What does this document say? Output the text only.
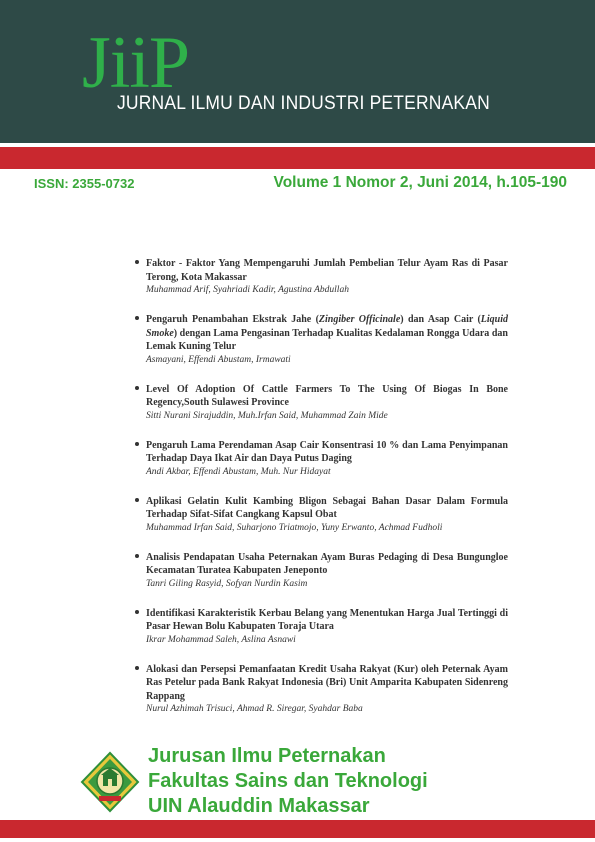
JiiP
JURNAL ILMU DAN INDUSTRI PETERNAKAN
ISSN: 2355-0732	Volume 1 Nomor 2, Juni 2014, h.105-190
Faktor - Faktor Yang Mempengaruhi Jumlah Pembelian Telur Ayam Ras di Pasar Terong, Kota Makassar
Muhammad Arif, Syahriadi Kadir, Agustina Abdullah
Pengaruh Penambahan Ekstrak Jahe (Zingiber Officinale) dan Asap Cair (Liquid Smoke) dengan Lama Pengasinan Terhadap Kualitas Kedalaman Rongga Udara dan Lemak Kuning Telur
Asmayani, Effendi Abustam, Irmawati
Level Of Adoption Of Cattle Farmers To The Using Of Biogas In Bone Regency,South Sulawesi Province
Sitti Nurani Sirajuddin, Muh.Irfan Said, Muhammad Zain Mide
Pengaruh Lama Perendaman Asap Cair Konsentrasi 10 % dan Lama Penyimpanan Terhadap Daya Ikat Air dan Daya Putus Daging
Andi Akbar, Effendi Abustam, Muh. Nur Hidayat
Aplikasi Gelatin Kulit Kambing Bligon Sebagai Bahan Dasar Dalam Formula Terhadap Sifat-Sifat Cangkang Kapsul Obat
Muhammad Irfan Said, Suharjono Triatmojo, Yuny Erwanto, Achmad Fudholi
Analisis Pendapatan Usaha Peternakan Ayam Buras Pedaging di Desa Bungungloe Kecamatan Turatea Kabupaten Jeneponto
Tanri Giling Rasyid, Sofyan Nurdin Kasim
Identifikasi Karakteristik Kerbau Belang yang Menentukan Harga Jual Tertinggi di Pasar Hewan Bolu Kabupaten Toraja Utara
Ikrar Mohammad Saleh, Aslina Asnawi
Alokasi dan Persepsi Pemanfaatan Kredit Usaha Rakyat (Kur) oleh Peternak Ayam Ras Petelur pada Bank Rakyat Indonesia (Bri) Unit Amparita Kabupaten Sidenreng Rappang
Nurul Azhimah Trisuci, Ahmad R. Siregar, Syahdar Baba
Jurusan Ilmu Peternakan
Fakultas Sains dan Teknologi
UIN Alauddin Makassar
